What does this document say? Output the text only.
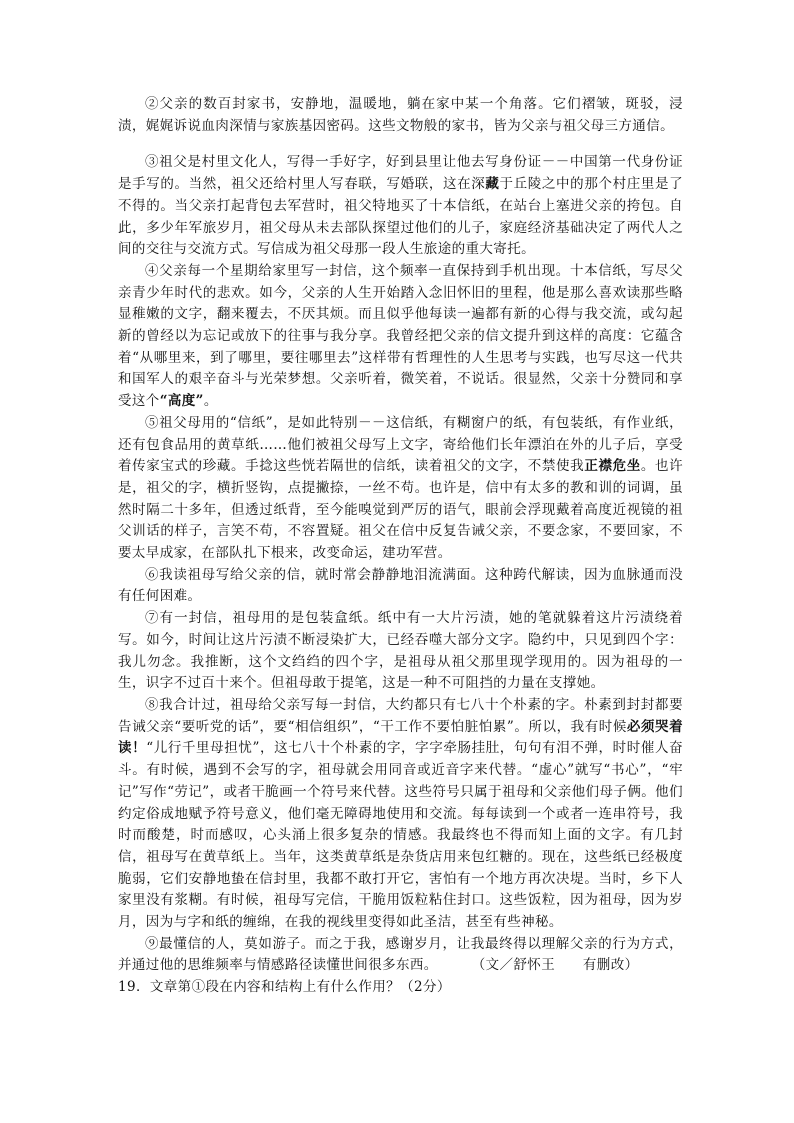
②父亲的数百封家书，安静地，温暖地，躺在家中某一个角落。它们褶皱，斑驳，浸渍，娓娓诉说血肉深情与家族基因密码。这些文物般的家书，皆为父亲与祖父母三方通信。

③祖父是村里文化人，写得一手好字，好到县里让他去写身份证－－中国第一代身份证是手写的。当然，祖父还给村里人写春联，写婚联，这在深藏于丘陵之中的那个村庄里是了不得的。当父亲打起背包去军营时，祖父特地买了十本信纸，在站台上塞进父亲的挎包。自此，多少年军旅岁月，祖父母从未去部队探望过他们的儿子，家庭经济基础决定了两代人之间的交往与交流方式。写信成为祖父母那一段人生旅途的重大寄托。

④父亲每一个星期给家里写一封信，这个频率一直保持到手机出现。十本信纸，写尽父亲青少年时代的悲欢。如今，父亲的人生开始踏入念旧怀旧的里程，他是那么喜欢读那些略显稚嫩的文字，翻来覆去，不厌其烦。而且似乎他每读一遍都有新的心得与我交流，或勾起新的曾经以为忘记或放下的往事与我分享。我曾经把父亲的信文提升到这样的高度：它蕴含着“从哪里来，到了哪里，要往哪里去”这样带有哲理性的人生思考与实践，也写尽这一代共和国军人的艰辛奋斗与光荣梦想。父亲听着，微笑着，不说话。很显然，父亲十分赞同和享受这个“高度”。

⑤祖父母用的“信纸”，是如此特别－－这信纸，有糊窗户的纸，有包装纸，有作业纸，还有包食品用的黄草纸……他们被祖父母写上文字，寄给他们长年漂泊在外的儿子后，享受着传家宝式的珍藏。手捻这些恍若隔世的信纸，读着祖父的文字，不禁使我正襟危坐。也许是，祖父的字，横折竖钩，点提撇捺，一丝不苟。也许是，信中有太多的教和训的词调，虽然时隔二十多年，但透过纸背，至今能嗅觉到严厉的语气，眼前会浮现戴着高度近视镜的祖父训话的样子，言笑不苟，不容置疑。祖父在信中反复告诫父亲，不要念家，不要回家，不要太早成家，在部队扎下根来，改变命运，建功军营。

⑥我读祖母写给父亲的信，就时常会静静地泪流满面。这种跨代解读，因为血脉通而没有任何困难。

⑦有一封信，祖母用的是包装盒纸。纸中有一大片污渍，她的笔就躲着这片污渍绕着写。如今，时间让这片污渍不断浸染扩大，已经吞噬大部分文字。隐约中，只见到四个字：我儿勿念。我推断，这个文绉绉的四个字，是祖母从祖父那里现学现用的。因为祖母的一生，识字不过百十来个。但祖母敢于提笔，这是一种不可阻挡的力量在支撑她。

⑧我合计过，祖母给父亲写每一封信，大约都只有七八十个朴素的字。朴素到封封都要告诫父亲“要听党的话”，要“相信组织”，“干工作不要怕脏怕累”。所以，我有时候必须哭着读！“儿行千里母担忧”，这七八十个朴素的字，字字牵肠挂肚，句句有泪不弹，时时催人奋斗。有时候，遇到不会写的字，祖母就会用同音或近音字来代替。“虚心”就写“书心”，“牢记”写作“劳记”，或者干脆画一个符号来代替。这些符号只属于祖母和父亲他们母子俩。他们约定俗成地赋予符号意义，他们毫无障碍地使用和交流。每每读到一个或者一连串符号，我时而酸楚，时而感叹，心头涌上很多复杂的情感。我最终也不得而知上面的文字。有几封信，祖母写在黄草纸上。当年，这类黄草纸是杂货店用来包红糖的。现在，这些纸已经极度脆弱，它们安静地蛰在信封里，我都不敢打开它，害怕有一个地方再次决堤。当时，乡下人家里没有浆糊。有时候，祖母写完信，干脆用饭粒粘住封口。这些饭粒，因为祖母，因为岁月，因为与字和纸的缠绵，在我的视线里变得如此圣洁，甚至有些神秘。

⑨最懂信的人，莫如游子。而之于我，感谢岁月，让我最终得以理解父亲的行为方式，并通过他的思维频率与情感路径读懂世间很多东西。	（文／舒怀王　　有删改）

19．文章第①段在内容和结构上有什么作用？（2分）
